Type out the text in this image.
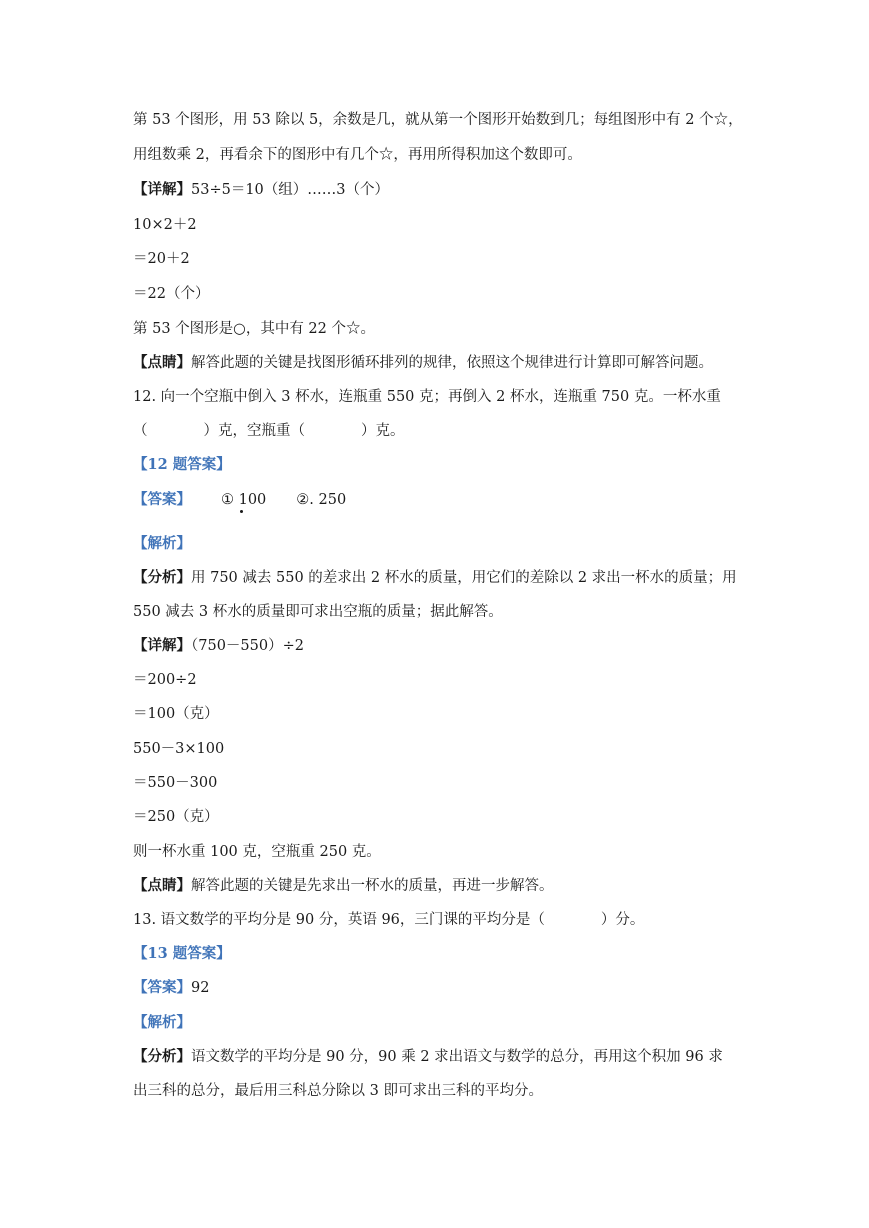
第 53 个图形，用 53 除以 5，余数是几，就从第一个图形开始数到几；每组图形中有 2 个☆，
用组数乘 2，再看余下的图形中有几个☆，再用所得积加这个数即可。
【详解】53÷5＝10（组）……3（个）
10×2＋2
＝20＋2
＝22（个）
第 53 个图形是○，其中有 22 个☆。
【点睛】解答此题的关键是找图形循环排列的规律，依照这个规律进行计算即可解答问题。
12. 向一个空瓶中倒入 3 杯水，连瓶重 550 克；再倒入 2 杯水，连瓶重 750 克。一杯水重
（	）克，空瓶重（	）克。
【12 题答案】
【答案】 ① 100 ②. 250
【解析】
【分析】用 750 减去 550 的差求出 2 杯水的质量，用它们的差除以 2 求出一杯水的质量；用
550 减去 3 杯水的质量即可求出空瓶的质量；据此解答。
【详解】（750－550）÷2
＝200÷2
＝100（克）
550－3×100
＝550－300
＝250（克）
则一杯水重 100 克，空瓶重 250 克。
【点睛】解答此题的关键是先求出一杯水的质量，再进一步解答。
13. 语文数学的平均分是 90 分，英语 96，三门课的平均分是（	）分。
【13 题答案】
【答案】92
【解析】
【分析】语文数学的平均分是 90 分，90 乘 2 求出语文与数学的总分，再用这个积加 96 求
出三科的总分，最后用三科总分除以 3 即可求出三科的平均分。
